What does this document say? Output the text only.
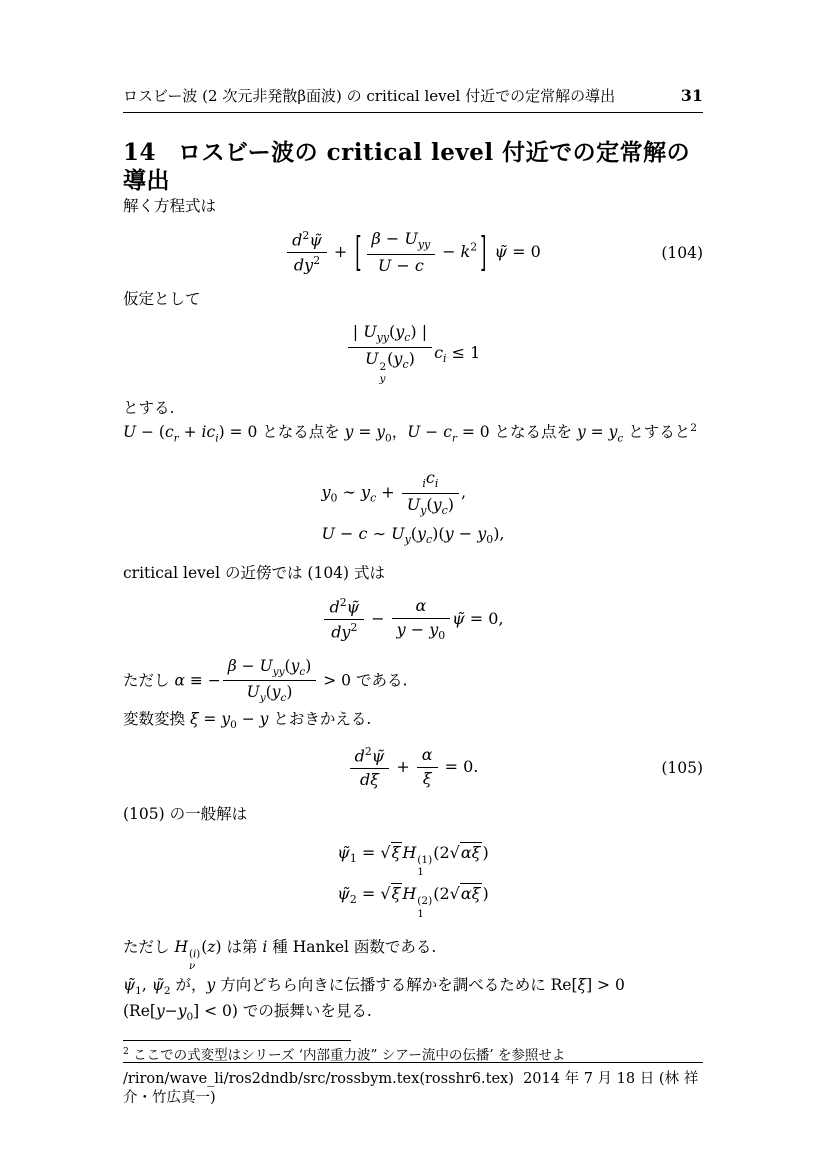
ロスビー波 (2 次元非発散β面波) の critical level 付近での定常解の導出	31
14 ロスビー波の critical level 付近での定常解の導出

解く方程式は

$\frac{d^2\psĩ}{dy^2}$ + [ $\frac{\beta - U_{yy}}{U - c} - k^2$ ] ψ̃ = 0	(104)

仮定として

| $U_{yy}(y_c)$ |
U 2
y
$(y_c) c_i \le 1$

とする.

$U - (c_r + ic_i) = 0$ となる点を $y = y_0$，$U - c_r = 0$ となる点を $y = y_c$ とすると$^2$

$y_0$ ∼ $y_c + \frac{_ic_i}{U_y(y_c)}$ ,
U − c ∼ $U_y(y_c)(y - y_0)$,

critical level の近傍では (104) 式は

$\frac{d^2\psĩ}{dy^2} - \frac{\alpha}{y - y_0}$ ψ̃ = 0,

ただし α ≡ − $\frac{\beta - U_{yy}(y_c)}{U_y(y_c)} > 0$ である.

変数変換 $\xi = y_0 - y$ とおきかえる.

$\frac{d^2\psĩ}{d\xi} + \frac{\alpha}{\xi} = 0$.	(105)

(105) の一般解は

$\psĩ_1 = √\xi$ H (1)
1
(2√αξ )
$\psĩ_2 = √\xi$ H (2)
1
(2√αξ )

ただし H (i)
ν
(z) は第 i 種 Hankel 函数である.

$\psĩ_1$, $\psĩ_2$ が，y 方向どちら向きに伝播する解かを調べるために Re[ξ] > 0 $(Re[y-y_0] < 0)$ での振舞いを見る.

$^2$ ここでの式変型はシリーズ ‘内部重力波” シアー流中の伝播’ を参照せよ

/riron/wave_li/ros2dndb/src/rossbym.tex(rosshr6.tex)  2014 年 7 月 18 日 (林 祥介・竹広真一)
